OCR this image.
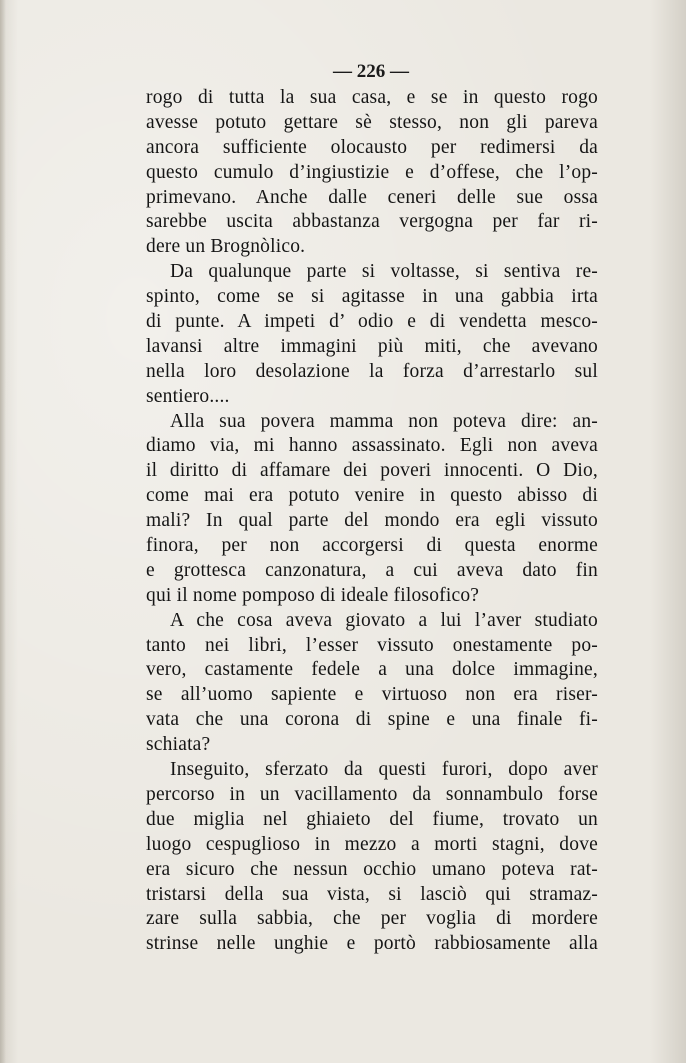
— 226 —
rogo di tutta la sua casa, e se in questo rogo
avesse potuto gettare sè stesso, non gli pareva
ancora sufficiente olocausto per redimersi da
questo cumulo d’ingiustizie e d’offese, che l’op-
primevano. Anche dalle ceneri delle sue ossa
sarebbe uscita abbastanza vergogna per far ri-
dere un Brognòlico.
Da qualunque parte si voltasse, si sentiva re-
spinto, come se si agitasse in una gabbia irta
di punte. A impeti d’ odio e di vendetta mesco-
lavansi altre immagini più miti, che avevano
nella loro desolazione la forza d’arrestarlo sul
sentiero....
Alla sua povera mamma non poteva dire: an-
diamo via, mi hanno assassinato. Egli non aveva
il diritto di affamare dei poveri innocenti. O Dio,
come mai era potuto venire in questo abisso di
mali? In qual parte del mondo era egli vissuto
finora, per non accorgersi di questa enorme
e grottesca canzonatura, a cui aveva dato fin
qui il nome pomposo di ideale filosofico?
A che cosa aveva giovato a lui l’aver studiato
tanto nei libri, l’esser vissuto onestamente po-
vero, castamente fedele a una dolce immagine,
se all’uomo sapiente e virtuoso non era riser-
vata che una corona di spine e una finale fi-
schiata?
Inseguito, sferzato da questi furori, dopo aver
percorso in un vacillamento da sonnambulo forse
due miglia nel ghiaieto del fiume, trovato un
luogo cespuglioso in mezzo a morti stagni, dove
era sicuro che nessun occhio umano poteva rat-
tristarsi della sua vista, si lasciò qui stramaz-
zare sulla sabbia, che per voglia di mordere
strinse nelle unghie e portò rabbiosamente alla
